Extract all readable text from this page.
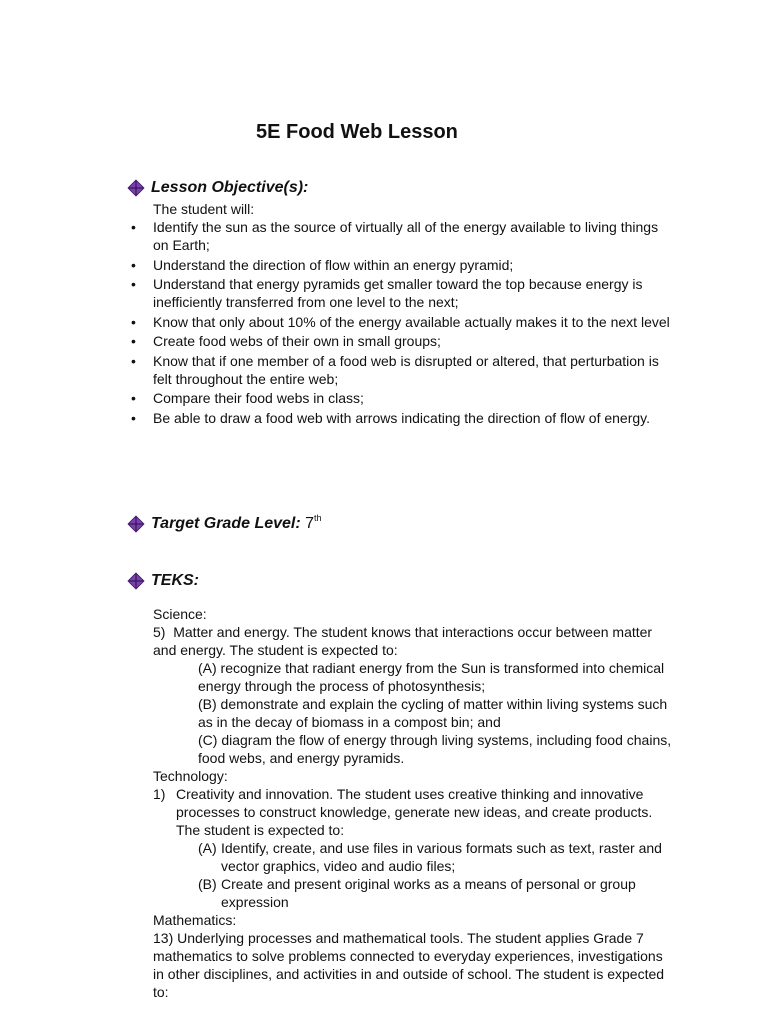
5E Food Web Lesson
Lesson Objective(s):
The student will:
• Identify the sun as the source of virtually all of the energy available to living things on Earth;
• Understand the direction of flow within an energy pyramid;
• Understand that energy pyramids get smaller toward the top because energy is inefficiently transferred from one level to the next;
• Know that only about 10% of the energy available actually makes it to the next level
• Create food webs of their own in small groups;
• Know that if one member of a food web is disrupted or altered, that perturbation is felt throughout the entire web;
• Compare their food webs in class;
• Be able to draw a food web with arrows indicating the direction of flow of energy.
Target Grade Level: 7th
TEKS:

Science:

5) Matter and energy. The student knows that interactions occur between matter and energy. The student is expected to:

(A) recognize that radiant energy from the Sun is transformed into chemical energy through the process of photosynthesis;

(B) demonstrate and explain the cycling of matter within living systems such as in the decay of biomass in a compost bin; and

(C) diagram the flow of energy through living systems, including food chains, food webs, and energy pyramids.

Technology:

1) Creativity and innovation. The student uses creative thinking and innovative processes to construct knowledge, generate new ideas, and create products. The student is expected to:
(A) Identify, create, and use files in various formats such as text, raster and vector graphics, video and audio files;
(B) Create and present original works as a means of personal or group expression

Mathematics:

13) Underlying processes and mathematical tools. The student applies Grade 7 mathematics to solve problems connected to everyday experiences, investigations in other disciplines, and activities in and outside of school. The student is expected to:
